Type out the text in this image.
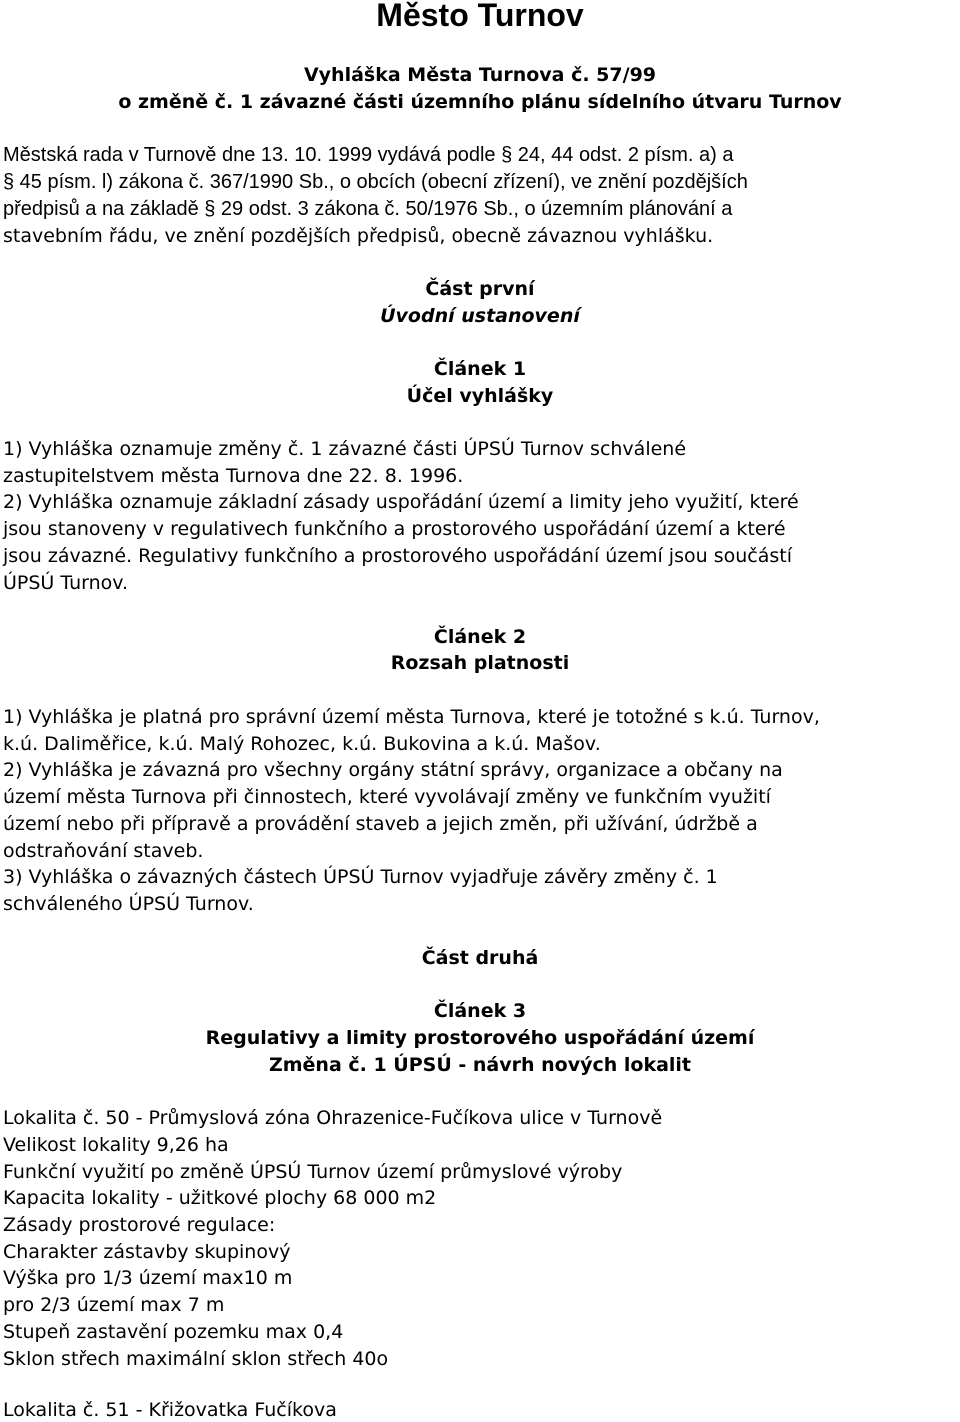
Město Turnov
Vyhláška Města Turnova č. 57/99
o změně č. 1 závazné části územního plánu sídelního útvaru Turnov
Městská rada v Turnově dne 13. 10. 1999 vydává podle § 24, 44 odst. 2 písm. a) a
§ 45 písm. l) zákona č. 367/1990 Sb., o obcích (obecní zřízení), ve znění pozdějších
předpisů a na základě § 29 odst. 3 zákona č. 50/1976 Sb., o územním plánování a
stavebním řádu, ve znění pozdějších předpisů, obecně závaznou vyhlášku.
Část první
Úvodní ustanovení
Článek 1
Účel vyhlášky
1) Vyhláška oznamuje změny č. 1 závazné části ÚPSÚ Turnov schválené
zastupitelstvem města Turnova dne 22. 8. 1996.
2) Vyhláška oznamuje základní zásady uspořádání území a limity jeho využití, které
jsou stanoveny v regulativech funkčního a prostorového uspořádání území a které
jsou závazné. Regulativy funkčního a prostorového uspořádání území jsou součástí
ÚPSÚ Turnov.
Článek 2
Rozsah platnosti
1) Vyhláška je platná pro správní území města Turnova, které je totožné s k.ú. Turnov,
k.ú. Daliměřice, k.ú. Malý Rohozec, k.ú. Bukovina a k.ú. Mašov.
2) Vyhláška je závazná pro všechny orgány státní správy, organizace a občany na
území města Turnova při činnostech, které vyvolávají změny ve funkčním využití
území nebo při přípravě a provádění staveb a jejich změn, při užívání, údržbě a
odstraňování staveb.
3) Vyhláška o závazných částech ÚPSÚ Turnov vyjadřuje závěry změny č. 1
schváleného ÚPSÚ Turnov.
Část druhá
Článek 3
Regulativy a limity prostorového uspořádání území
Změna č. 1 ÚPSÚ - návrh nových lokalit
Lokalita č. 50 - Průmyslová zóna Ohrazenice-Fučíkova ulice v Turnově
Velikost lokality 9,26 ha
Funkční využití po změně ÚPSÚ Turnov území průmyslové výroby
Kapacita lokality - užitkové plochy 68 000 m2
Zásady prostorové regulace:
Charakter zástavby skupinový
Výška pro 1/3 území max10 m
pro 2/3 území max 7 m
Stupeň zastavění pozemku max 0,4
Sklon střech maximální sklon střech 40o
Lokalita č. 51 - Křižovatka Fučíkova
